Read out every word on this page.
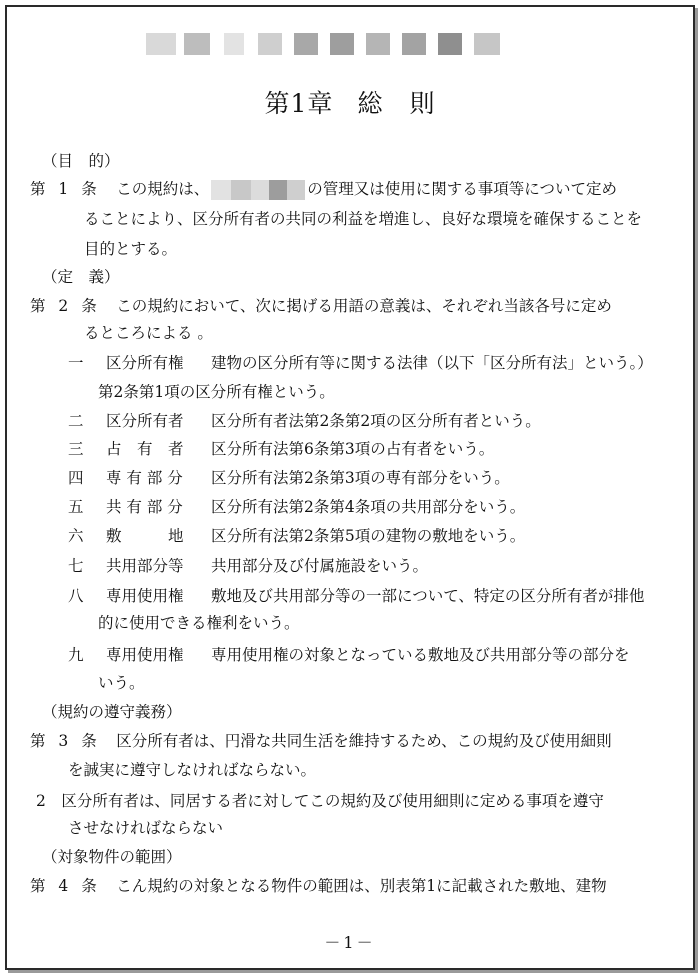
第1章 総　則
（目　的）
第 1 条　 この規約は、	の管理又は使用に関する事項等について定め
ることにより、区分所有者の共同の利益を増進し、良好な環境を確保することを
目的とする。
（定　義）
第 2 条　 この規約において、次に掲げる用語の意義は、それぞれ当該各号に定め
るところによる 。
一 区分所有権 建物の区分所有等に関する法律（以下「区分所有法」という。）
第2条第1項の区分所有権という。
二 区分所有者 区分所有者法第2条第2項の区分所有者という。
三 占　有　者 区分所有法第6条第3項の占有者をいう。
四 専 有 部 分 区分所有法第2条第3項の専有部分をいう。
五 共 有 部 分 区分所有法第2条第4条項の共用部分をいう。
六 敷　　　地 区分所有法第2条第5項の建物の敷地をいう。
七 共用部分等 共用部分及び付属施設をいう。
八 専用使用権 敷地及び共用部分等の一部について、特定の区分所有者が排他
的に使用できる権利をいう。
九 専用使用権 専用使用権の対象となっている敷地及び共用部分等の部分を
いう。
（規約の遵守義務）
第 3 条　 区分所有者は、円滑な共同生活を維持するため、この規約及び使用細則
を誠実に遵守しなければならない。
2　 区分所有者は、同居する者に対してこの規約及び使用細則に定める事項を遵守
させなければならない
（対象物件の範囲）
第 4 条　 こん規約の対象となる物件の範囲は、別表第1に記載された敷地、建物
－1－
